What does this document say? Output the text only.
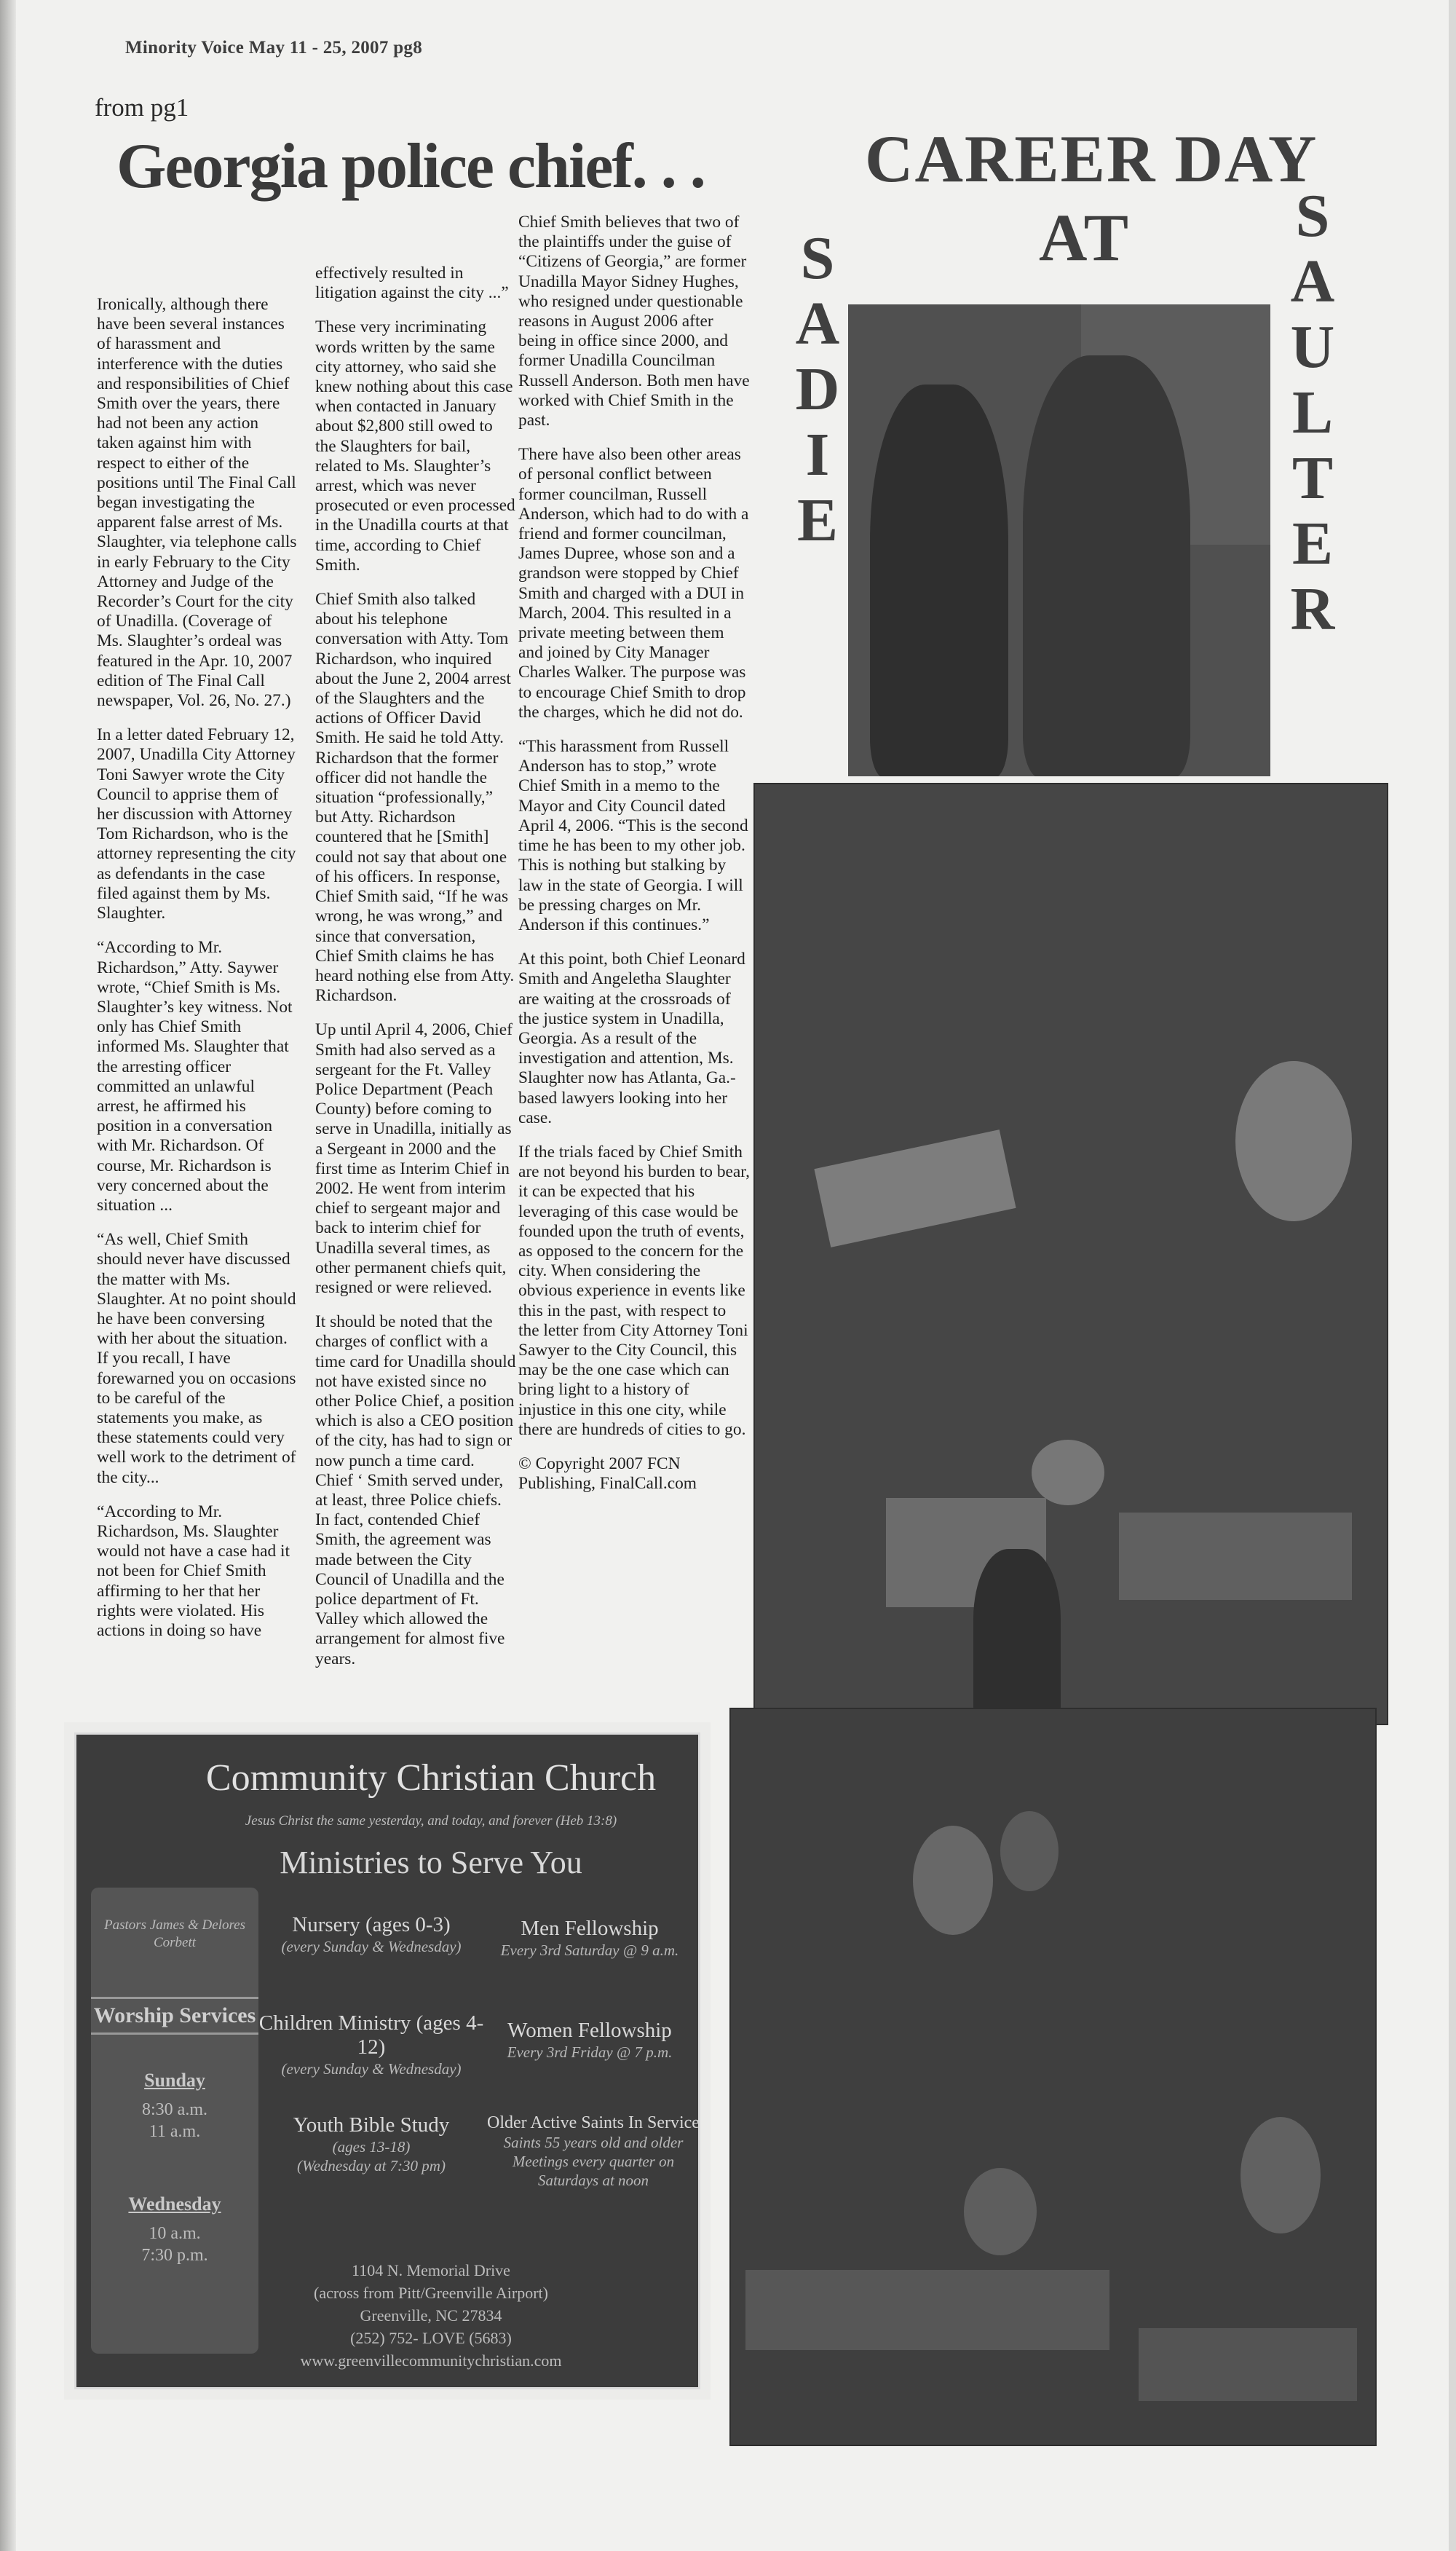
Minority Voice May 11 - 25, 2007 pg8
from pg1
Georgia police chief. . .

Ironically, although there have been several instances of harassment and interference with the duties and responsibilities of Chief Smith over the years, there had not been any action taken against him with respect to either of the positions until The Final Call began investigating the apparent false arrest of Ms. Slaughter, via telephone calls in early February to the City Attorney and Judge of the Recorder’s Court for the city of Unadilla. (Coverage of Ms. Slaughter’s ordeal was featured in the Apr. 10, 2007 edition of The Final Call newspaper, Vol. 26, No. 27.)

In a letter dated February 12, 2007, Unadilla City Attorney Toni Sawyer wrote the City Council to apprise them of her discussion with Attorney Tom Richardson, who is the attorney representing the city as defendants in the case filed against them by Ms. Slaughter.

“According to Mr. Richardson,” Atty. Saywer wrote, “Chief Smith is Ms. Slaughter’s key witness. Not only has Chief Smith informed Ms. Slaughter that the arresting officer committed an unlawful arrest, he affirmed his position in a conversation with Mr. Richardson. Of course, Mr. Richardson is very concerned about the situation ...

“As well, Chief Smith should never have discussed the matter with Ms. Slaughter. At no point should he have been conversing with her about the situation. If you recall, I have forewarned you on occasions to be careful of the statements you make, as these statements could very well work to the detriment of the city...

“According to Mr. Richardson, Ms. Slaughter would not have a case had it not been for Chief Smith affirming to her that her rights were violated. His actions in doing so have

effectively resulted in litigation against the city ...”

These very incriminating words written by the same city attorney, who said she knew nothing about this case when contacted in January about $2,800 still owed to the Slaughters for bail, related to Ms. Slaughter’s arrest, which was never prosecuted or even processed in the Unadilla courts at that time, according to Chief Smith.

Chief Smith also talked about his telephone conversation with Atty. Tom Richardson, who inquired about the June 2, 2004 arrest of the Slaughters and the actions of Officer David Smith. He said he told Atty. Richardson that the former officer did not handle the situation “professionally,” but Atty. Richardson countered that he [Smith] could not say that about one of his officers. In response, Chief Smith said, “If he was wrong, he was wrong,” and since that conversation, Chief Smith claims he has heard nothing else from Atty. Richardson.

Up until April 4, 2006, Chief Smith had also served as a sergeant for the Ft. Valley Police Department (Peach County) before coming to serve in Unadilla, initially as a Sergeant in 2000 and the first time as Interim Chief in 2002. He went from interim chief to sergeant major and back to interim chief for Unadilla several times, as other permanent chiefs quit, resigned or were relieved.

It should be noted that the charges of conflict with a time card for Unadilla should not have existed since no other Police Chief, a position which is also a CEO position of the city, has had to sign or now punch a time card. Chief ‘ Smith served under, at least, three Police chiefs. In fact, contended Chief Smith, the agreement was made between the City Council of Unadilla and the police department of Ft. Valley which allowed the arrangement for almost five years.

Chief Smith believes that two of the plaintiffs under the guise of “Citizens of Georgia,” are former Unadilla Mayor Sidney Hughes, who resigned under questionable reasons in August 2006 after being in office since 2000, and former Unadilla Councilman Russell Anderson. Both men have worked with Chief Smith in the past.

There have also been other areas of personal conflict between former councilman, Russell Anderson, which had to do with a friend and former councilman, James Dupree, whose son and a grandson were stopped by Chief Smith and charged with a DUI in March, 2004. This resulted in a private meeting between them and joined by City Manager Charles Walker. The purpose was to encourage Chief Smith to drop the charges, which he did not do.

“This harassment from Russell Anderson has to stop,” wrote Chief Smith in a memo to the Mayor and City Council dated April 4, 2006. “This is the second time he has been to my other job. This is nothing but stalking by law in the state of Georgia. I will be pressing charges on Mr. Anderson if this continues.”

At this point, both Chief Leonard Smith and Angeletha Slaughter are waiting at the crossroads of the justice system in Unadilla, Georgia. As a result of the investigation and attention, Ms. Slaughter now has Atlanta, Ga.-based lawyers looking into her case.

If the trials faced by Chief Smith are not beyond his burden to bear, it can be expected that his leveraging of this case would be founded upon the truth of events, as opposed to the concern for the city. When considering the obvious experience in events like this in the past, with respect to the letter from City Attorney Toni Sawyer to the City Council, this may be the one case which can bring light to a history of injustice in this one city, while there are hundreds of cities to go.

© Copyright 2007 FCN Publishing, FinalCall.com
CAREER DAY
AT
S
A
D
I
E
S
A
U
L
T
E
R
Community Christian Church
Jesus Christ the same yesterday, and today, and forever (Heb 13:8)
Ministries to Serve You
Pastors James & Delores Corbett
Worship Services
Sunday
8:30 a.m.
11 a.m.
Wednesday
10 a.m.
7:30 p.m.
Nursery (ages 0-3)
(every Sunday & Wednesday)
Men Fellowship
Every 3rd Saturday @ 9 a.m.
Children Ministry (ages 4-12)
(every Sunday & Wednesday)
Women Fellowship
Every 3rd Friday @ 7 p.m.
Youth Bible Study
(ages 13-18)
(Wednesday at 7:30 pm)
Older Active Saints In Service
Saints 55 years old and older
Meetings every quarter on
Saturdays at noon
1104 N. Memorial Drive
(across from Pitt/Greenville Airport)
Greenville, NC 27834
(252) 752- LOVE (5683)
www.greenvillecommunitychristian.com
